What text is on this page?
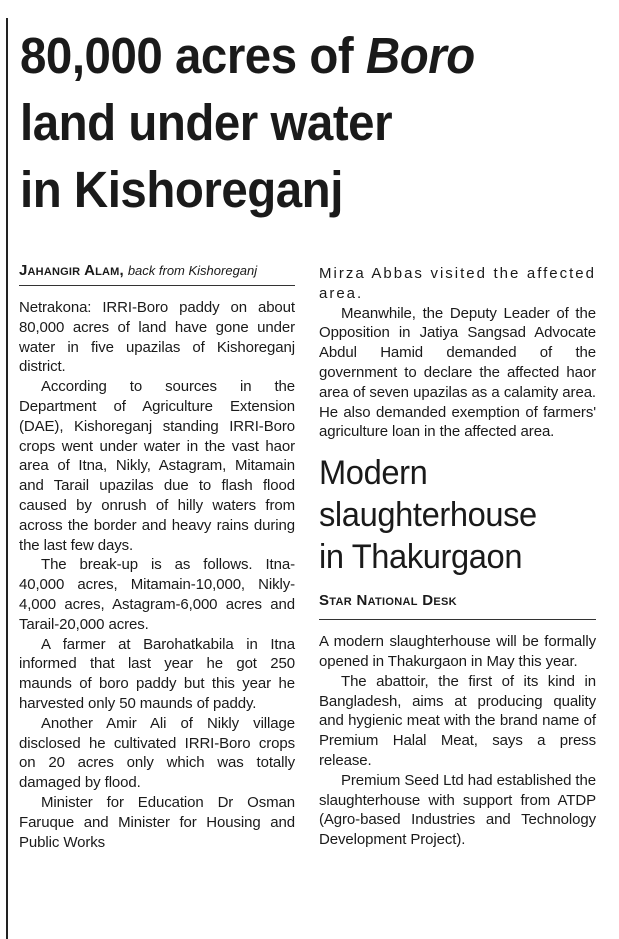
80,000 acres of Boro
land under water
in Kishoreganj
Jahangir Alam, back from Kishoreganj

Netrakona: IRRI-Boro paddy on about 80,000 acres of land have gone under water in five upazilas of Kishoreganj district.

According to sources in the Department of Agriculture Extension (DAE), Kishoreganj standing IRRI-Boro crops went under water in the vast haor area of Itna, Nikly, Astagram, Mitamain and Tarail upazilas due to flash flood caused by onrush of hilly waters from across the border and heavy rains during the last few days.

The break-up is as follows. Itna-40,000 acres, Mitamain-10,000, Nikly-4,000 acres, Astagram-6,000 acres and Tarail-20,000 acres.

A farmer at Barohatkabila in Itna informed that last year he got 250 maunds of boro paddy but this year he harvested only 50 maunds of paddy.

Another Amir Ali of Nikly village disclosed he cultivated IRRI-Boro crops on 20 acres only which was totally damaged by flood.

Minister for Education Dr Osman Faruque and Minister for Housing and Public Works

Mirza Abbas visited the affected area.

Meanwhile, the Deputy Leader of the Opposition in Jatiya Sangsad Advocate Abdul Hamid demanded of the government to declare the affected haor area of seven upazilas as a calamity area. He also demanded exemption of farmers' agriculture loan in the affected area.

Modern
slaughterhouse
in Thakurgaon
Star National Desk

A modern slaughterhouse will be formally opened in Thakurgaon in May this year.

The abattoir, the first of its kind in Bangladesh, aims at producing quality and hygienic meat with the brand name of Premium Halal Meat, says a press release.

Premium Seed Ltd had established the slaughterhouse with support from ATDP (Agro-based Industries and Technology Development Project).
